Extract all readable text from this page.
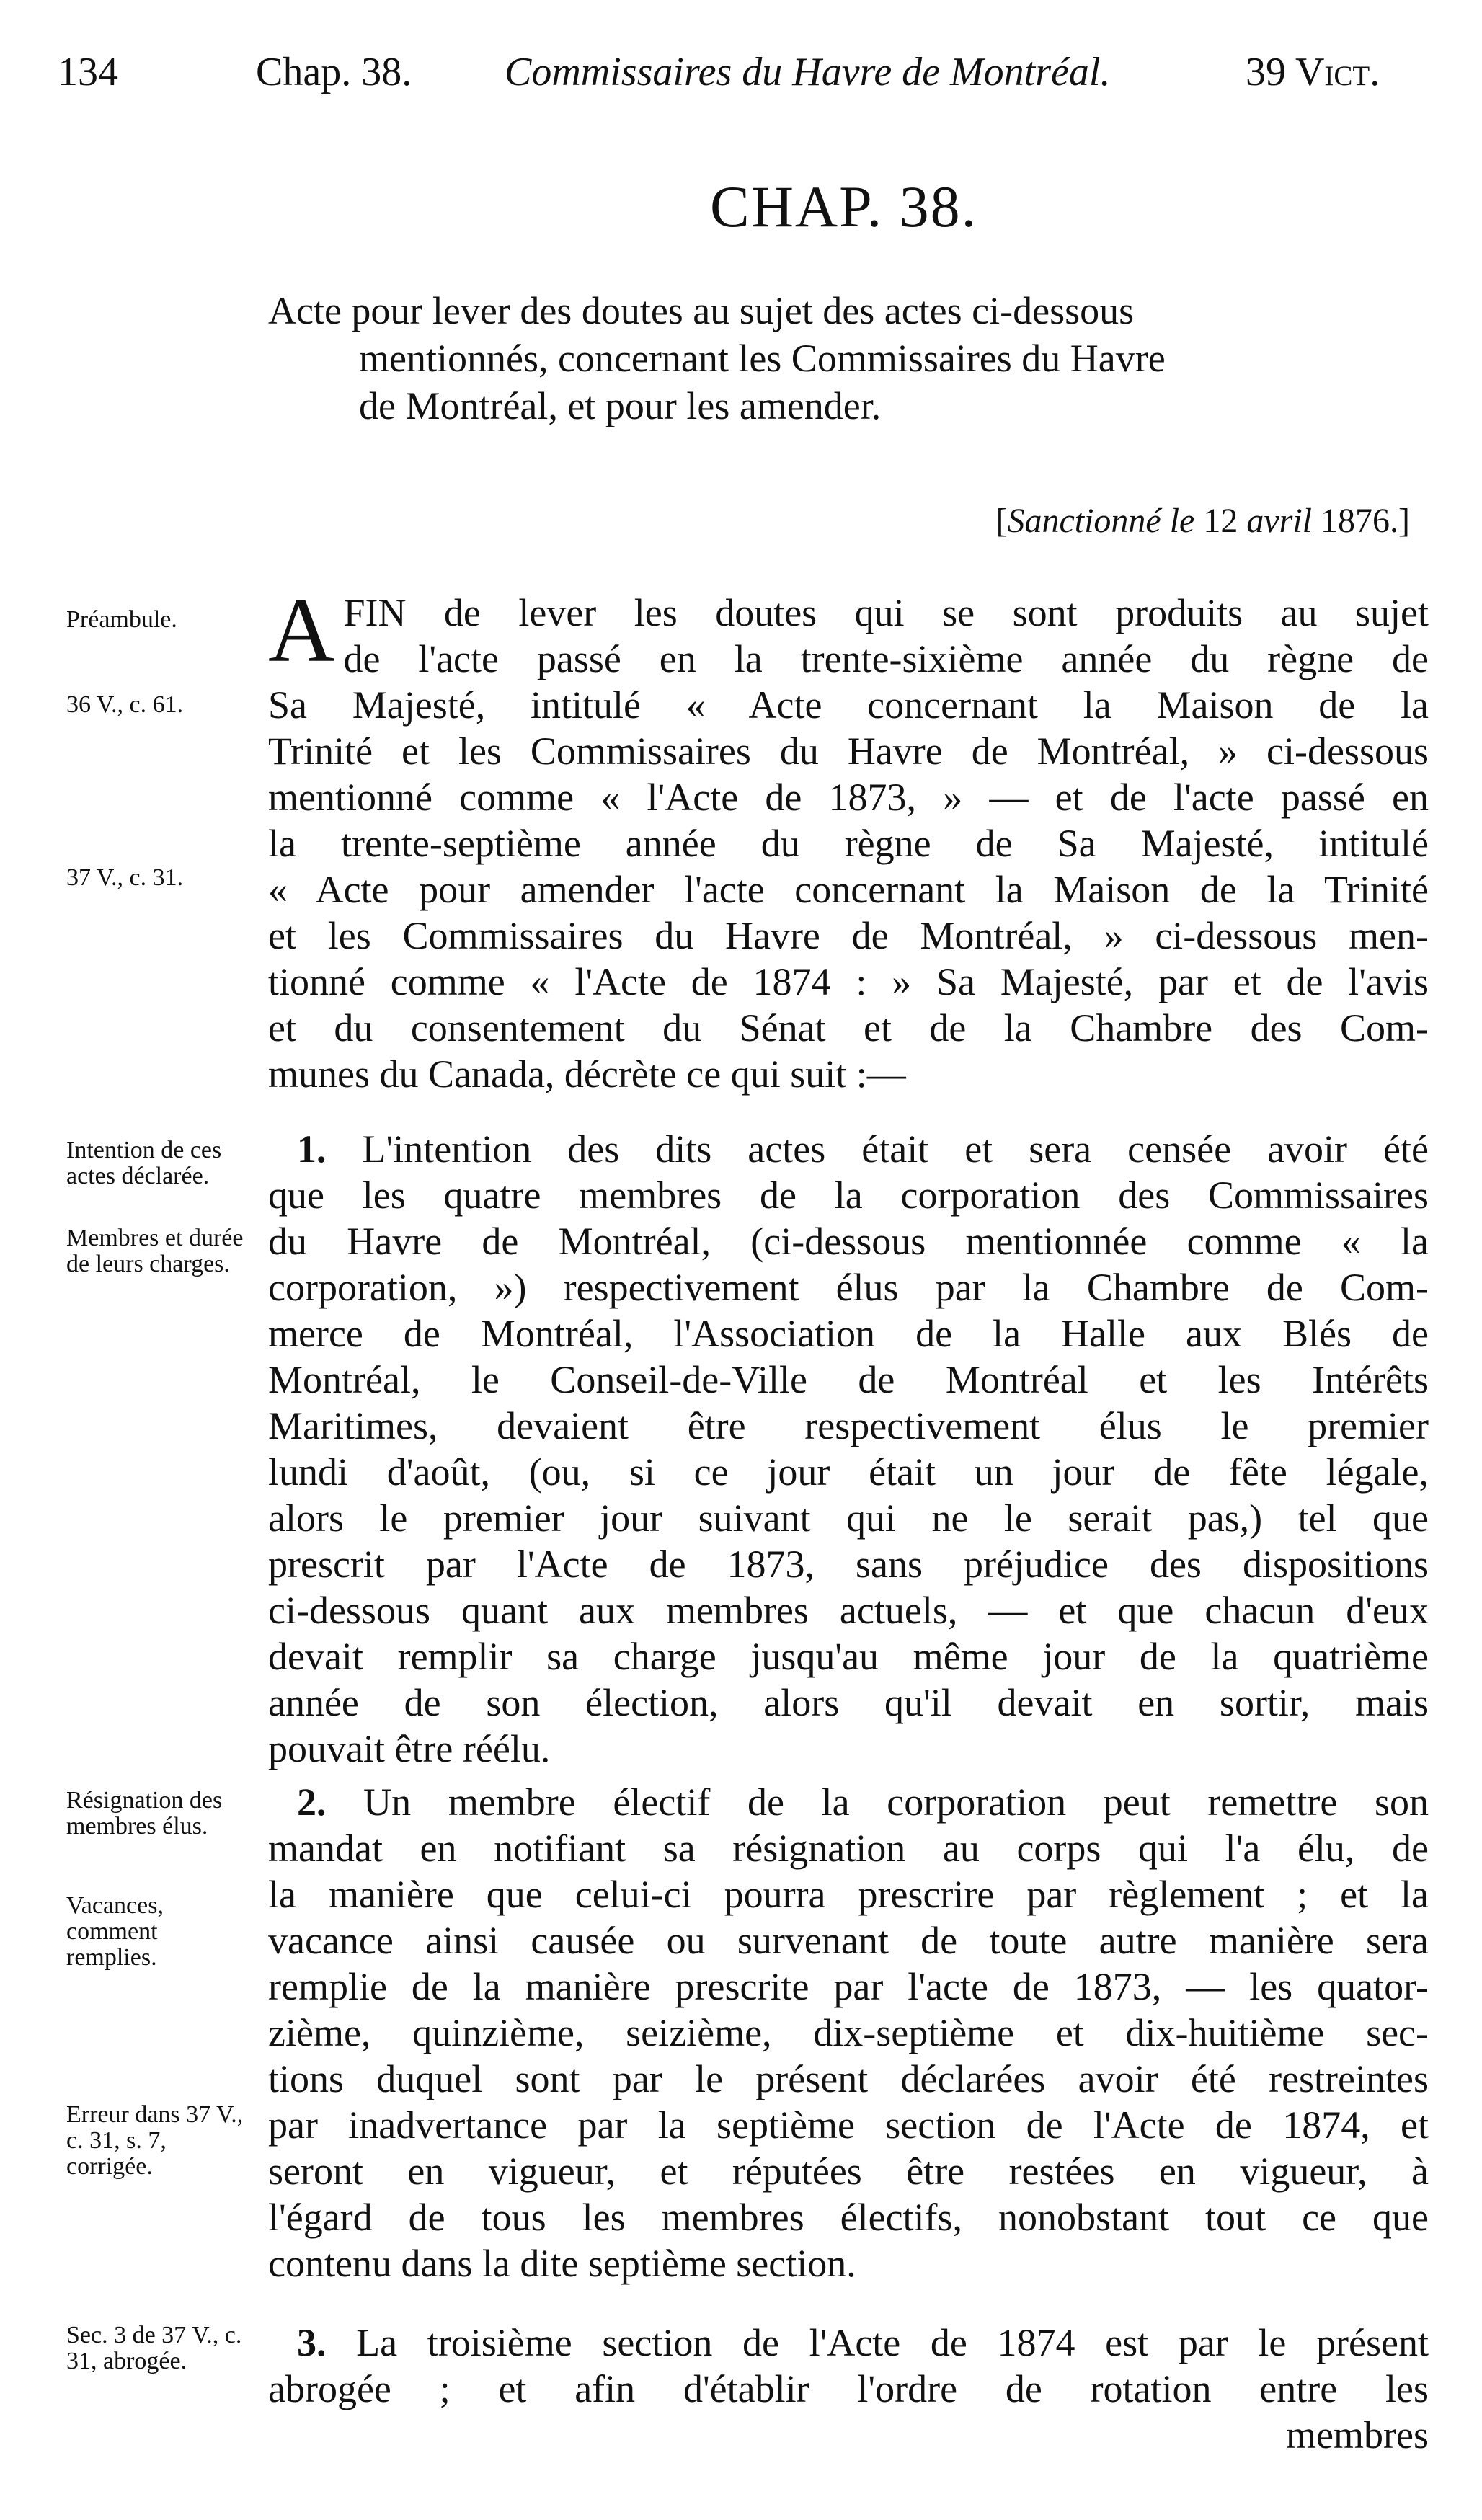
134	Chap. 38. Commissaires du Havre de Montréal.	39 Vict.
CHAP. 38.
Acte pour lever des doutes au sujet des actes ci-dessous
mentionnés, concernant les Commissaires du Havre
de Montréal, et pour les amender.
[Sanctionné le 12 avril 1876.]
Préambule.
36 V., c. 61.
37 V., c. 31.
Intention de ces actes déclarée.
Membres et durée de leurs charges.
Résignation des membres élus.
Vacances, comment remplies.
Erreur dans 37 V., c. 31, s. 7, corrigée.
Sec. 3 de 37 V., c. 31, abrogée.
A FIN de lever les doutes qui se sont produits au sujet
de l'acte passé en la trente-sixième année du règne de
Sa Majesté, intitulé « Acte concernant la Maison de la
Trinité et les Commissaires du Havre de Montréal, » ci-dessous
mentionné comme « l'Acte de 1873, » — et de l'acte passé en
la trente-septième année du règne de Sa Majesté, intitulé
« Acte pour amender l'acte concernant la Maison de la Trinité
et les Commissaires du Havre de Montréal, » ci-dessous men-
tionné comme « l'Acte de 1874 : » Sa Majesté, par et de l'avis
et du consentement du Sénat et de la Chambre des Com-
munes du Canada, décrète ce qui suit :—
1. L'intention des dits actes était et sera censée avoir été
que les quatre membres de la corporation des Commissaires
du Havre de Montréal, (ci-dessous mentionnée comme « la
corporation, ») respectivement élus par la Chambre de Com-
merce de Montréal, l'Association de la Halle aux Blés de
Montréal, le Conseil-de-Ville de Montréal et les Intérêts
Maritimes, devaient être respectivement élus le premier
lundi d'août, (ou, si ce jour était un jour de fête légale,
alors le premier jour suivant qui ne le serait pas,) tel que
prescrit par l'Acte de 1873, sans préjudice des dispositions
ci-dessous quant aux membres actuels, — et que chacun d'eux
devait remplir sa charge jusqu'au même jour de la quatrième
année de son élection, alors qu'il devait en sortir, mais
pouvait être réélu.
2. Un membre électif de la corporation peut remettre son
mandat en notifiant sa résignation au corps qui l'a élu, de
la manière que celui-ci pourra prescrire par règlement ; et la
vacance ainsi causée ou survenant de toute autre manière sera
remplie de la manière prescrite par l'acte de 1873, — les quator-
zième, quinzième, seizième, dix-septième et dix-huitième sec-
tions duquel sont par le présent déclarées avoir été restreintes
par inadvertance par la septième section de l'Acte de 1874, et
seront en vigueur, et réputées être restées en vigueur, à
l'égard de tous les membres électifs, nonobstant tout ce que
contenu dans la dite septième section.
3. La troisième section de l'Acte de 1874 est par le présent
abrogée ; et afin d'établir l'ordre de rotation entre les
membres
